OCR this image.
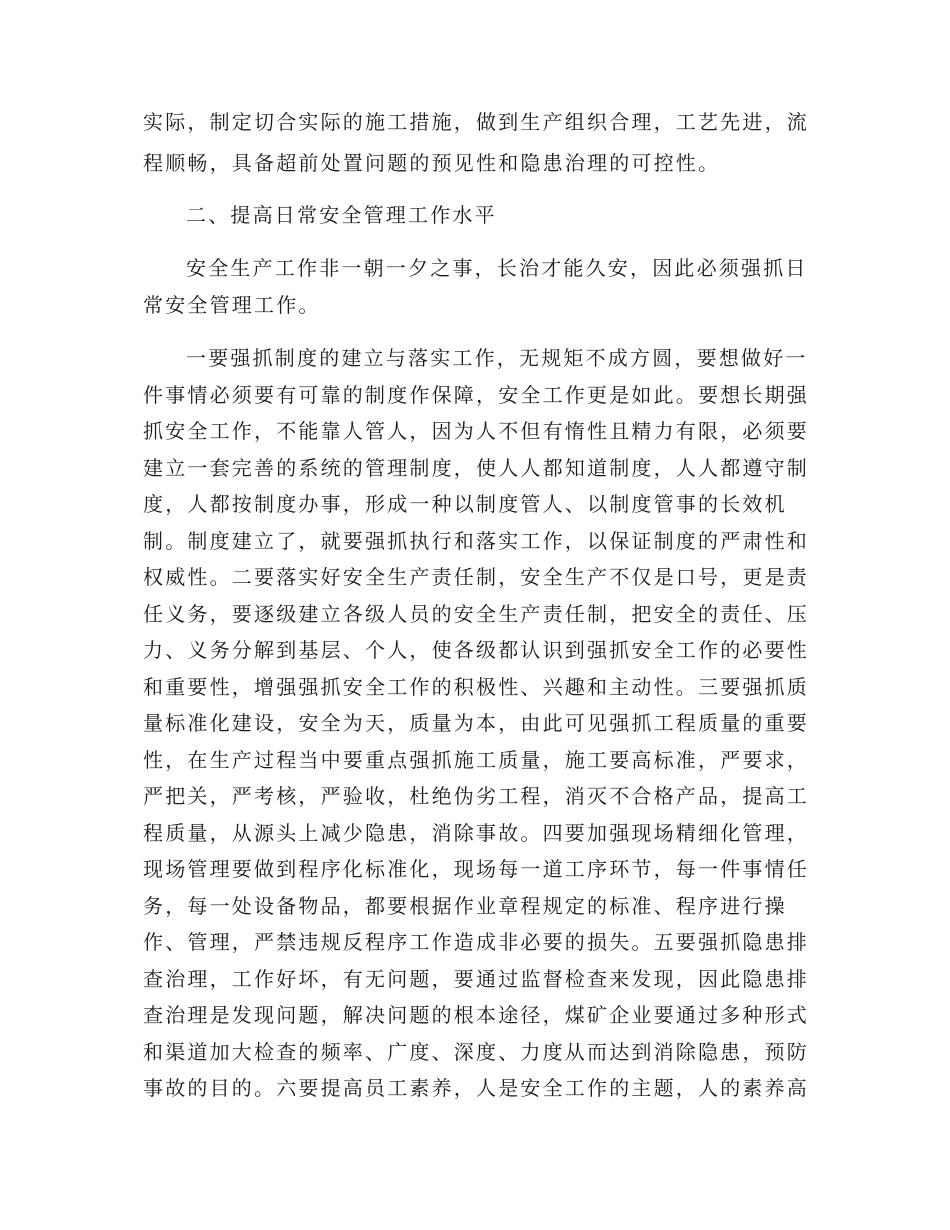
实际，制定切合实际的施工措施，做到生产组织合理，工艺先进，流
程顺畅，具备超前处置问题的预见性和隐患治理的可控性。
二、提高日常安全管理工作水平
安全生产工作非一朝一夕之事，长治才能久安，因此必须强抓日
常安全管理工作。
一要强抓制度的建立与落实工作，无规矩不成方圆，要想做好一
件事情必须要有可靠的制度作保障，安全工作更是如此。要想长期强
抓安全工作，不能靠人管人，因为人不但有惰性且精力有限，必须要
建立一套完善的系统的管理制度，使人人都知道制度，人人都遵守制
度，人都按制度办事，形成一种以制度管人、以制度管事的长效机
制。制度建立了，就要强抓执行和落实工作，以保证制度的严肃性和
权威性。二要落实好安全生产责任制，安全生产不仅是口号，更是责
任义务，要逐级建立各级人员的安全生产责任制，把安全的责任、压
力、义务分解到基层、个人，使各级都认识到强抓安全工作的必要性
和重要性，增强强抓安全工作的积极性、兴趣和主动性。三要强抓质
量标准化建设，安全为天，质量为本，由此可见强抓工程质量的重要
性，在生产过程当中要重点强抓施工质量，施工要高标准，严要求，
严把关，严考核，严验收，杜绝伪劣工程，消灭不合格产品，提高工
程质量，从源头上减少隐患，消除事故。四要加强现场精细化管理，
现场管理要做到程序化标准化，现场每一道工序环节，每一件事情任
务，每一处设备物品，都要根据作业章程规定的标准、程序进行操
作、管理，严禁违规反程序工作造成非必要的损失。五要强抓隐患排
查治理，工作好坏，有无问题，要通过监督检查来发现，因此隐患排
查治理是发现问题，解决问题的根本途径，煤矿企业要通过多种形式
和渠道加大检查的频率、广度、深度、力度从而达到消除隐患，预防
事故的目的。六要提高员工素养，人是安全工作的主题，人的素养高
